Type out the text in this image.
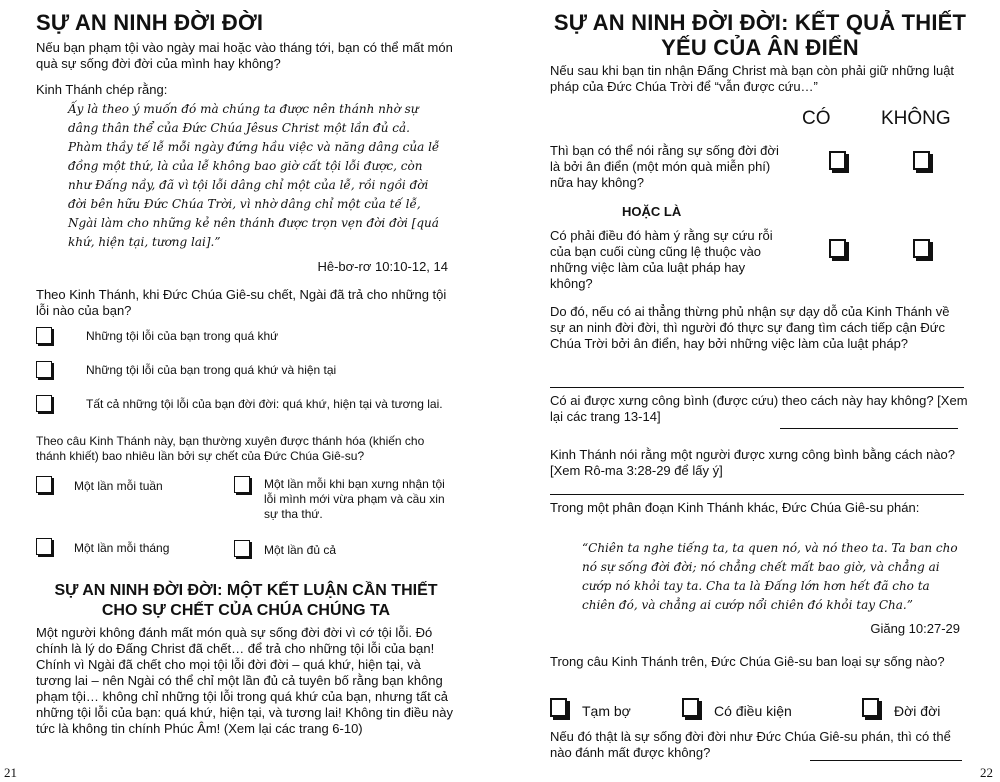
SỰ AN NINH ĐỜI ĐỜI
Nếu bạn phạm tội vào ngày mai hoặc vào tháng tới, bạn có thể mất món quà sự sống đời đời của mình hay không?
Kinh Thánh chép rằng:
Ấy là theo ý muốn đó mà chúng ta được nên thánh nhờ sự dâng thân thể của Đức Chúa Jêsus Christ một lần đủ cả. Phàm thầy tế lễ mỗi ngày đứng hầu việc và năng dâng của lễ đồng một thứ, là của lễ không bao giờ cất tội lỗi được, còn như Đấng nầy, đã vì tội lỗi dâng chỉ một của lễ, rồi ngồi đời đời bên hữu Đức Chúa Trời, vì nhờ dâng chỉ một của tế lễ, Ngài làm cho những kẻ nên thánh được trọn vẹn đời đời [quá khứ, hiện tại, tương lai].”
Hê-bơ-rơ 10:10-12, 14
Theo Kinh Thánh, khi Đức Chúa Giê-su chết, Ngài đã trả cho những tội lỗi nào của bạn?
Những tội lỗi của bạn trong quá khứ
Những tội lỗi của bạn trong quá khứ và hiện tại
Tất cả những tội lỗi của bạn đời đời: quá khứ, hiện tại và tương lai.
Theo câu Kinh Thánh này, bạn thường xuyên được thánh hóa (khiến cho thánh khiết) bao nhiêu lần bởi sự chết của Đức Chúa Giê-su?
Một lần mỗi tuần	Một lần mỗi khi bạn xưng nhận tội lỗi mình mới vừa phạm và cầu xin sự tha thứ.
Một lần mỗi tháng	Một lần đủ cả
SỰ AN NINH ĐỜI ĐỜI: MỘT KẾT LUẬN CẦN THIẾT CHO SỰ CHẾT CỦA CHÚA CHÚNG TA
Một người không đánh mất món quà sự sống đời đời vì cớ tội lỗi. Đó chính là lý do Đấng Christ đã chết… để trả cho những tội lỗi của bạn! Chính vì Ngài đã chết cho mọi tội lỗi đời đời – quá khứ, hiện tại, và tương lai – nên Ngài có thể chỉ một lần đủ cả tuyên bố rằng bạn không phạm tội… không chỉ những tội lỗi trong quá khứ của bạn, nhưng tất cả những tội lỗi của bạn: quá khứ, hiện tại, và tương lai! Không tin điều này tức là không tin chính Phúc Âm! (Xem lại các trang 6-10)
21
SỰ AN NINH ĐỜI ĐỜI: KẾT QUẢ THIẾT YẾU CỦA ÂN ĐIỂN
Nếu sau khi bạn tin nhận Đấng Christ mà bạn còn phải giữ những luật pháp của Đức Chúa Trời để “vẫn được cứu…”
CÓ	KHÔNG
Thì bạn có thể nói rằng sự sống đời đời là bởi ân điển (một món quà miễn phí) nữa hay không?
HOẶC LÀ
Có phải điều đó hàm ý rằng sự cứu rỗi của bạn cuối cùng cũng lệ thuộc vào những việc làm của luật pháp hay không?
Do đó, nếu có ai thẳng thừng phủ nhận sự dạy dỗ của Kinh Thánh về sự an ninh đời đời, thì người đó thực sự đang tìm cách tiếp cận Đức Chúa Trời bởi ân điển, hay bởi những việc làm của luật pháp?
Có ai được xưng công bình (được cứu) theo cách này hay không? [Xem lại các trang 13-14]
Kinh Thánh nói rằng một người được xưng công bình bằng cách nào? [Xem Rô-ma 3:28-29 để lấy ý]
Trong một phân đoạn Kinh Thánh khác, Đức Chúa Giê-su phán:
“Chiên ta nghe tiếng ta, ta quen nó, và nó theo ta. Ta ban cho nó sự sống đời đời; nó chẳng chết mất bao giờ, và chẳng ai cướp nó khỏi tay ta. Cha ta là Đấng lớn hơn hết đã cho ta chiên đó, và chẳng ai cướp nổi chiên đó khỏi tay Cha.”
Giăng 10:27-29
Trong câu Kinh Thánh trên, Đức Chúa Giê-su ban loại sự sống nào?
Tạm bợ	Có điều kiện	Đời đời
Nếu đó thật là sự sống đời đời như Đức Chúa Giê-su phán, thì có thể nào đánh mất được không?
22
